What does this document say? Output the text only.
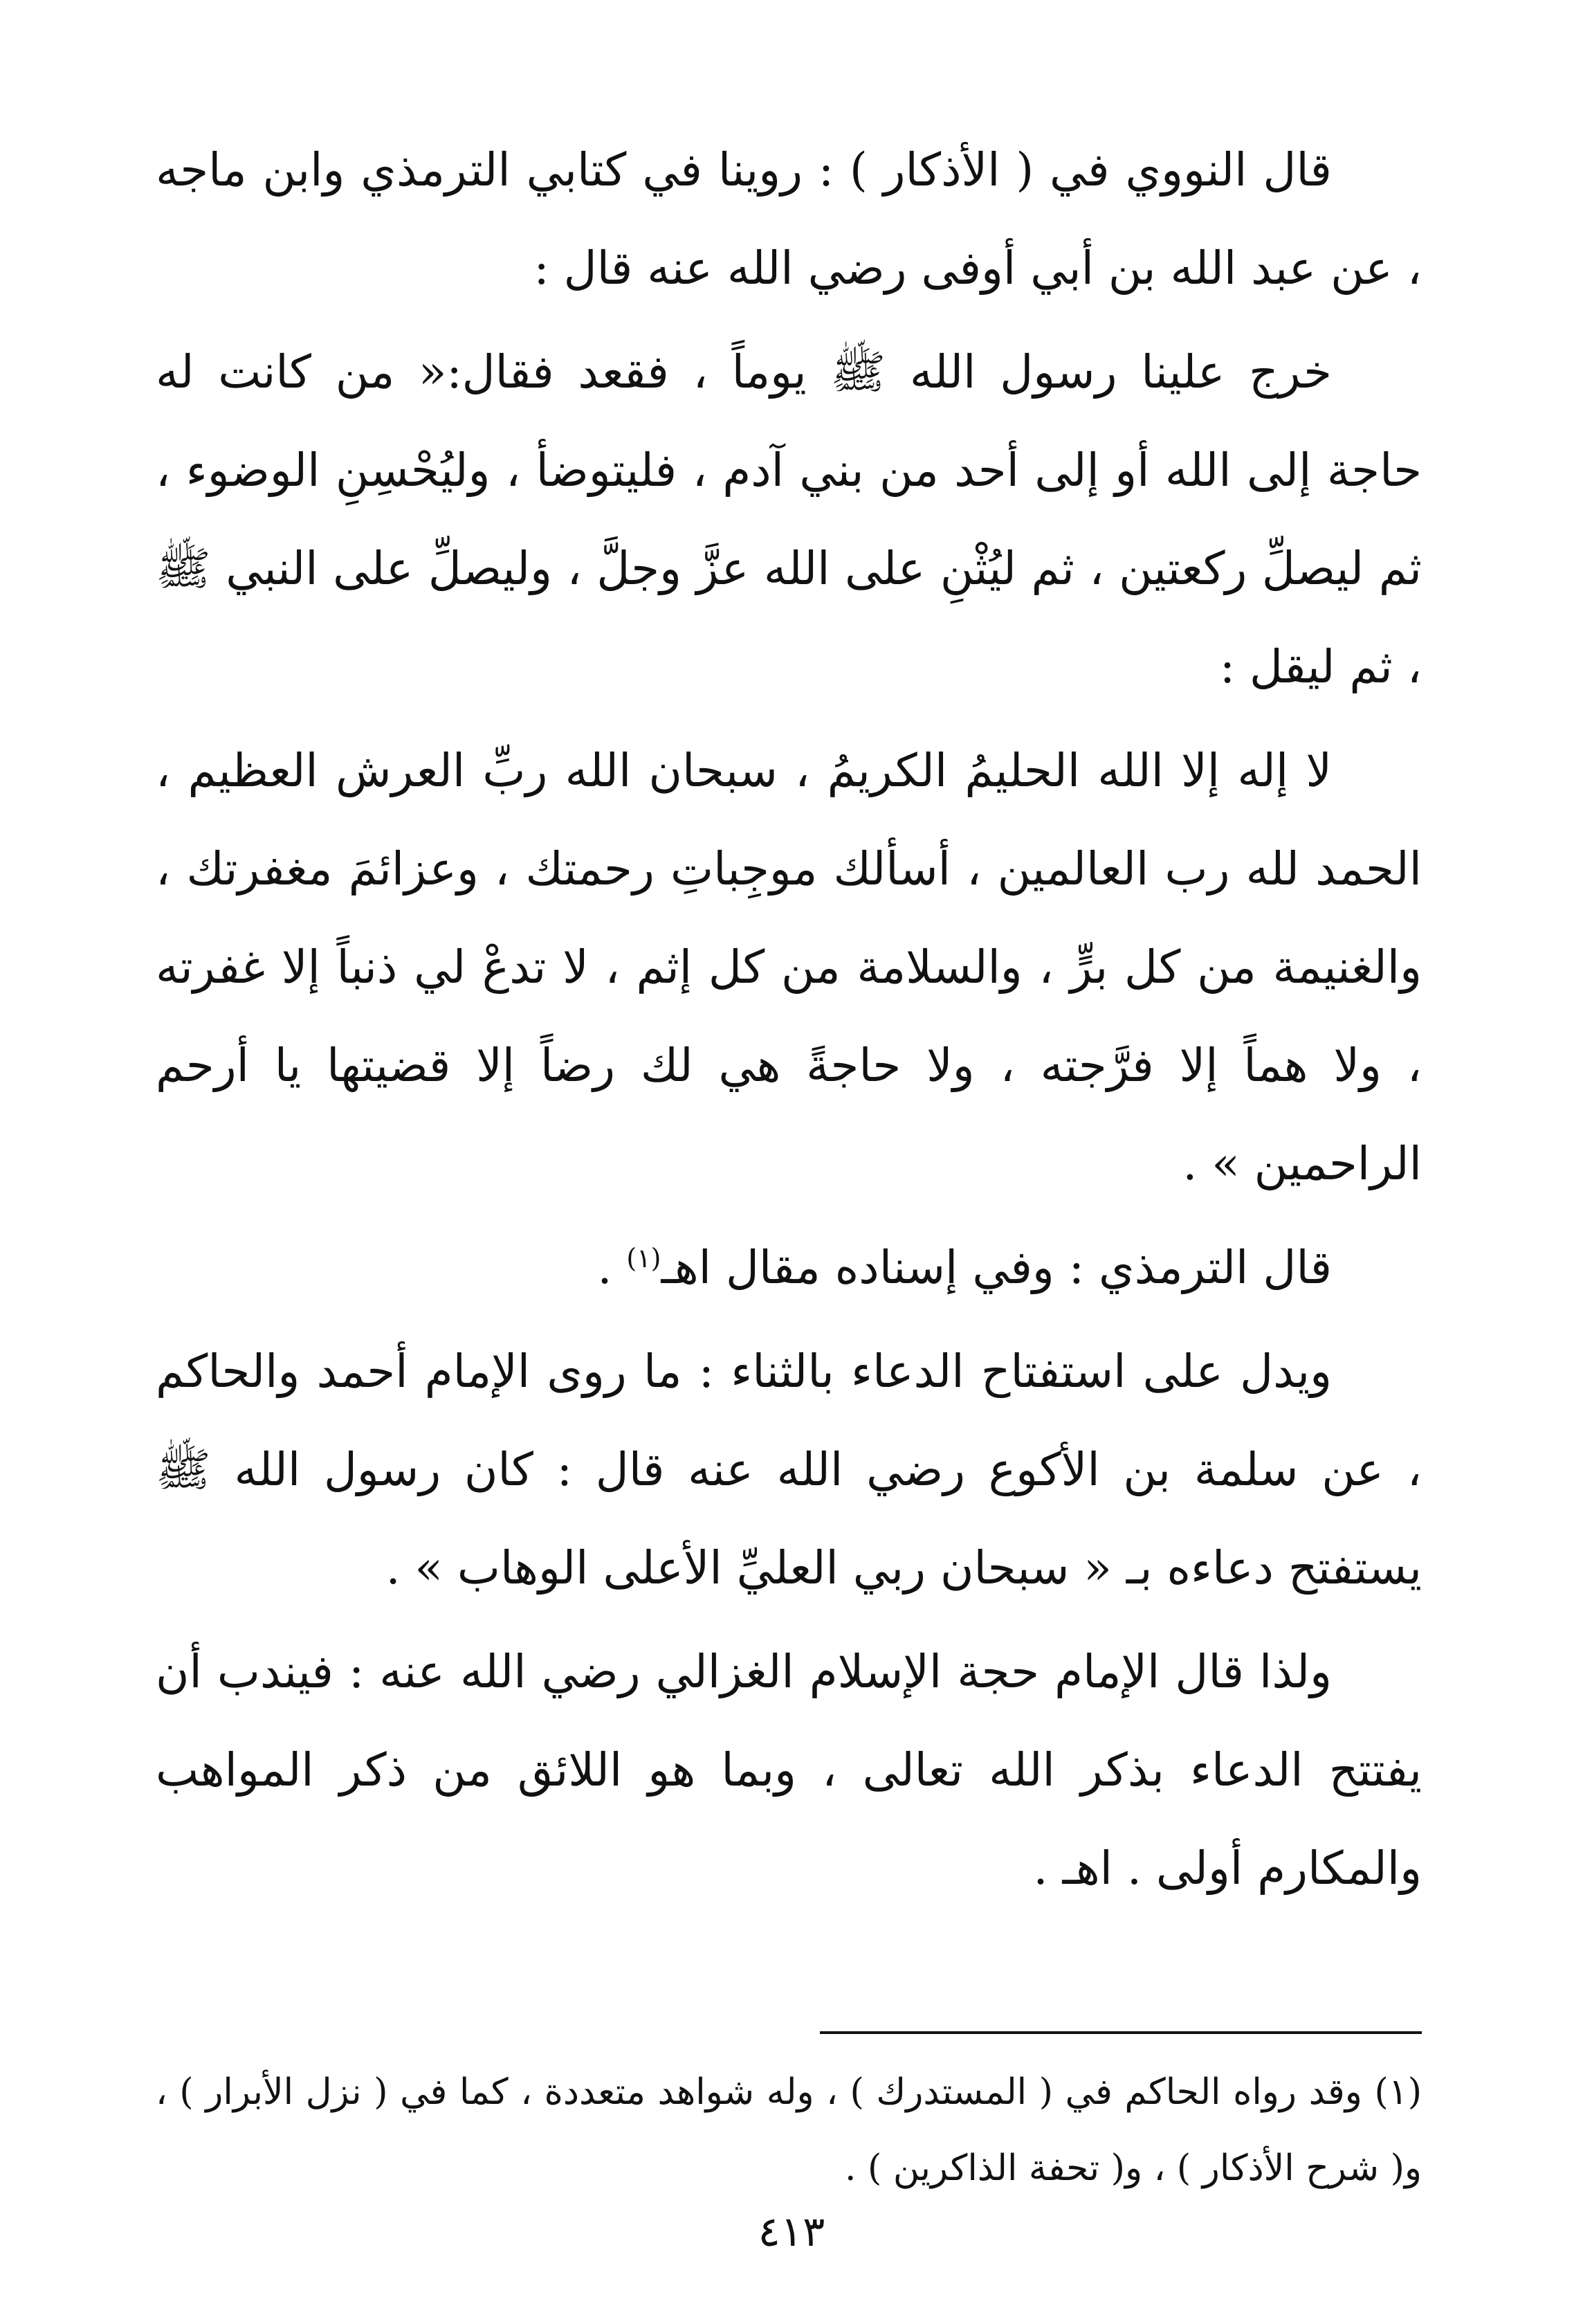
قال النووي في ( الأذكار ) : روينا في كتابي الترمذي وابن ماجه ، عن عبد الله بن أبي أوفى رضي الله عنه قال :

خرج علينا رسول الله ﷺ يوماً ، فقعد فقال:« من كانت له حاجة إلى الله أو إلى أحد من بني آدم ، فليتوضأ ، وليُحْسِنِ الوضوء ، ثم ليصلِّ ركعتين ، ثم ليُثْنِ على الله عزَّ وجلَّ ، وليصلِّ على النبي ﷺ ، ثم ليقل :

لا إله إلا الله الحليمُ الكريمُ ، سبحان الله ربِّ العرش العظيم ، الحمد لله رب العالمين ، أسألك موجِباتِ رحمتك ، وعزائمَ مغفرتك ، والغنيمة من كل برٍّ ، والسلامة من كل إثم ، لا تدعْ لي ذنباً إلا غفرته ، ولا هماً إلا فرَّجته ، ولا حاجةً هي لك رضاً إلا قضيتها يا أرحم الراحمين » .

قال الترمذي : وفي إسناده مقال اهـ$^{(١)}$ .

ويدل على استفتاح الدعاء بالثناء : ما روى الإمام أحمد والحاكم ، عن سلمة بن الأكوع رضي الله عنه قال : كان رسول الله ﷺ يستفتح دعاءه بـ « سبحان ربي العليِّ الأعلى الوهاب » .

ولذا قال الإمام حجة الإسلام الغزالي رضي الله عنه : فيندب أن يفتتح الدعاء بذكر الله تعالى ، وبما هو اللائق من ذكر المواهب والمكارم أولى . اهـ .

(١) وقد رواه الحاكم في ( المستدرك ) ، وله شواهد متعددة ، كما في ( نزل الأبرار ) ، و( شرح الأذكار ) ، و( تحفة الذاكرين ) .

٤١٣
